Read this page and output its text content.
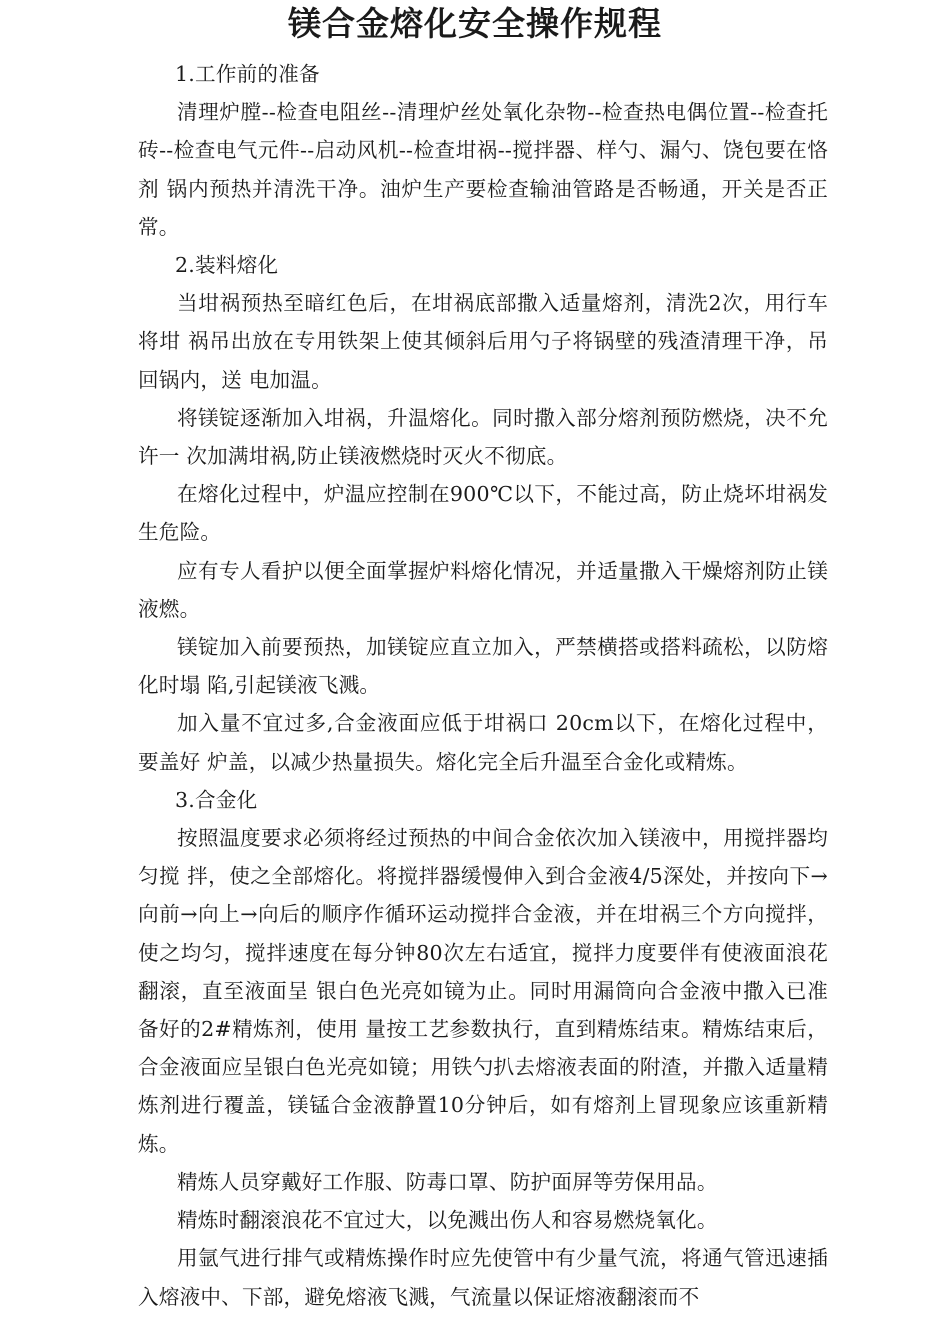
镁合金熔化安全操作规程

1.工作前的准备

清理炉膛--检查电阻丝--清理炉丝处氧化杂物--检查热电偶位置--检查托砖--检查电气元件--启动风机--检查坩祸--搅拌器、样勺、漏勺、饶包要在恪剂 锅内预热并清洗干净。油炉生产要检查输油管路是否畅通，开关是否正常。

2.装料熔化

当坩祸预热至暗红色后，在坩祸底部撒入适量熔剂，清洗2次，用行车将坩 祸吊出放在专用铁架上使其倾斜后用勺子将锅壁的残渣清理干净，吊回锅内，送 电加温。

将镁锭逐渐加入坩祸，升温熔化。同时撒入部分熔剂预防燃烧，决不允许一 次加满坩祸,防止镁液燃烧时灭火不彻底。

在熔化过程中，炉温应控制在900℃以下，不能过高，防止烧坏坩祸发生危险。

应有专人看护以便全面掌握炉料熔化情况，并适量撒入干燥熔剂防止镁液燃。

镁锭加入前要预热，加镁锭应直立加入，严禁横搭或搭料疏松，以防熔化时塌 陷,引起镁液飞溅。

加入量不宜过多,合金液面应低于坩祸口 20cm以下，在熔化过程中，要盖好 炉盖，以减少热量损失。熔化完全后升温至合金化或精炼。

3.合金化

按照温度要求必须将经过预热的中间合金依次加入镁液中，用搅拌器均匀搅 拌，使之全部熔化。将搅拌器缓慢伸入到合金液4/5深处，并按向下→向前→向上→向后的顺序作循环运动搅拌合金液，并在坩祸三个方向搅拌，使之均匀，搅拌速度在每分钟80次左右适宜，搅拌力度要伴有使液面浪花翻滚，直至液面呈 银白色光亮如镜为止。同时用漏筒向合金液中撒入已准备好的2#精炼剂，使用 量按工艺参数执行，直到精炼结束。精炼结束后，合金液面应呈银白色光亮如镜；用铁勺扒去熔液表面的附渣，并撒入适量精炼剂进行覆盖，镁锰合金液静置10分钟后，如有熔剂上冒现象应该重新精炼。

精炼人员穿戴好工作服、防毒口罩、防护面屏等劳保用品。

精炼时翻滚浪花不宜过大，以免溅出伤人和容易燃烧氧化。

用氩气进行排气或精炼操作时应先使管中有少量气流，将通气管迅速插入熔液中、下部，避免熔液飞溅，气流量以保证熔液翻滚而不
